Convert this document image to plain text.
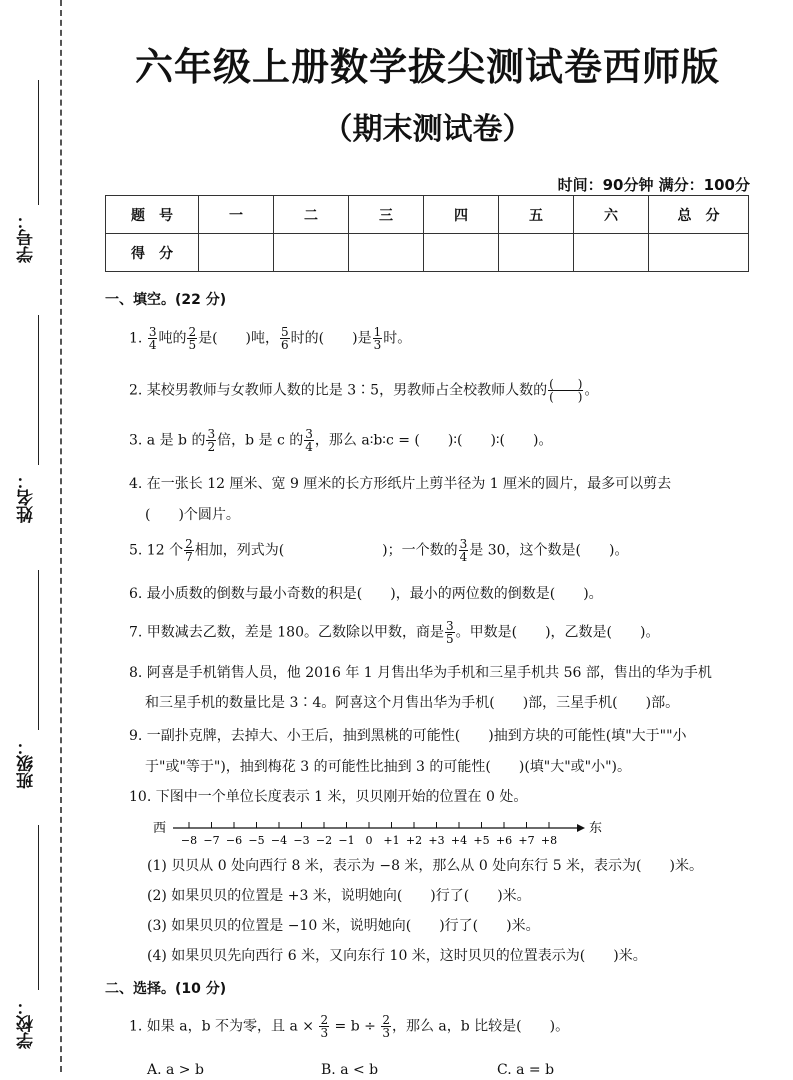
学号：
姓名：
班级：
学校：
六年级上册数学拔尖测试卷西师版
（期末测试卷）
时间：90分钟 满分：100分
题　号	一	二	三	四	五	六	总　分
得　分							
一、填空。(22 分)
1. $\frac{3}{4}$ 吨的 $\frac{2}{5}$ 是(　　)吨， $\frac{5}{6}$ 时的(　　)是 $\frac{1}{3}$ 时。
2. 某校男教师与女教师人数的比是 3∶5，男教师占全校教师人数的 $\frac{( )}{( )}$ 。
3. a 是 b 的 $\frac{3}{2}$ 倍，b 是 c 的 $\frac{3}{4}$ ，那么 a∶b∶c = (　　)∶(　　)∶(　　)。
4. 在一张长 12 厘米、宽 9 厘米的长方形纸片上剪半径为 1 厘米的圆片，最多可以剪去
(　　)个圆片。
5. 12 个 $\frac{2}{7}$ 相加，列式为(　　　　　　　)；一个数的 $\frac{3}{4}$ 是 30，这个数是(　　)。
6. 最小质数的倒数与最小奇数的积是(　　)，最小的两位数的倒数是(　　)。
7. 甲数减去乙数，差是 180。乙数除以甲数，商是 $\frac{3}{5}$ 。甲数是(　　)，乙数是(　　)。
8. 阿喜是手机销售人员，他 2016 年 1 月售出华为手机和三星手机共 56 部，售出的华为手机
和三星手机的数量比是 3∶4。阿喜这个月售出华为手机(　　)部，三星手机(　　)部。
9. 一副扑克牌，去掉大、小王后，抽到黑桃的可能性(　　)抽到方块的可能性(填"大于""小
于"或"等于")，抽到梅花 3 的可能性比抽到 3 的可能性(　　)(填"大"或"小")。
10. 下图中一个单位长度表示 1 米，贝贝刚开始的位置在 0 处。
西	东
−8 −7 −6 −5 −4 −3 −2 −1 0 +1 +2 +3 +4 +5 +6 +7 +8
(1) 贝贝从 0 处向西行 8 米，表示为 −8 米，那么从 0 处向东行 5 米，表示为(　　)米。
(2) 如果贝贝的位置是 +3 米，说明她向(　　)行了(　　)米。
(3) 如果贝贝的位置是 −10 米，说明她向(　　)行了(　　)米。
(4) 如果贝贝先向西行 6 米，又向东行 10 米，这时贝贝的位置表示为(　　)米。
二、选择。(10 分)
1. 如果 a，b 不为零，且 $a \times \frac{2}{3} = b \div \frac{2}{3}$ ，那么 a，b 比较是(　　)。
A. a > b	B. a < b	C. a = b
